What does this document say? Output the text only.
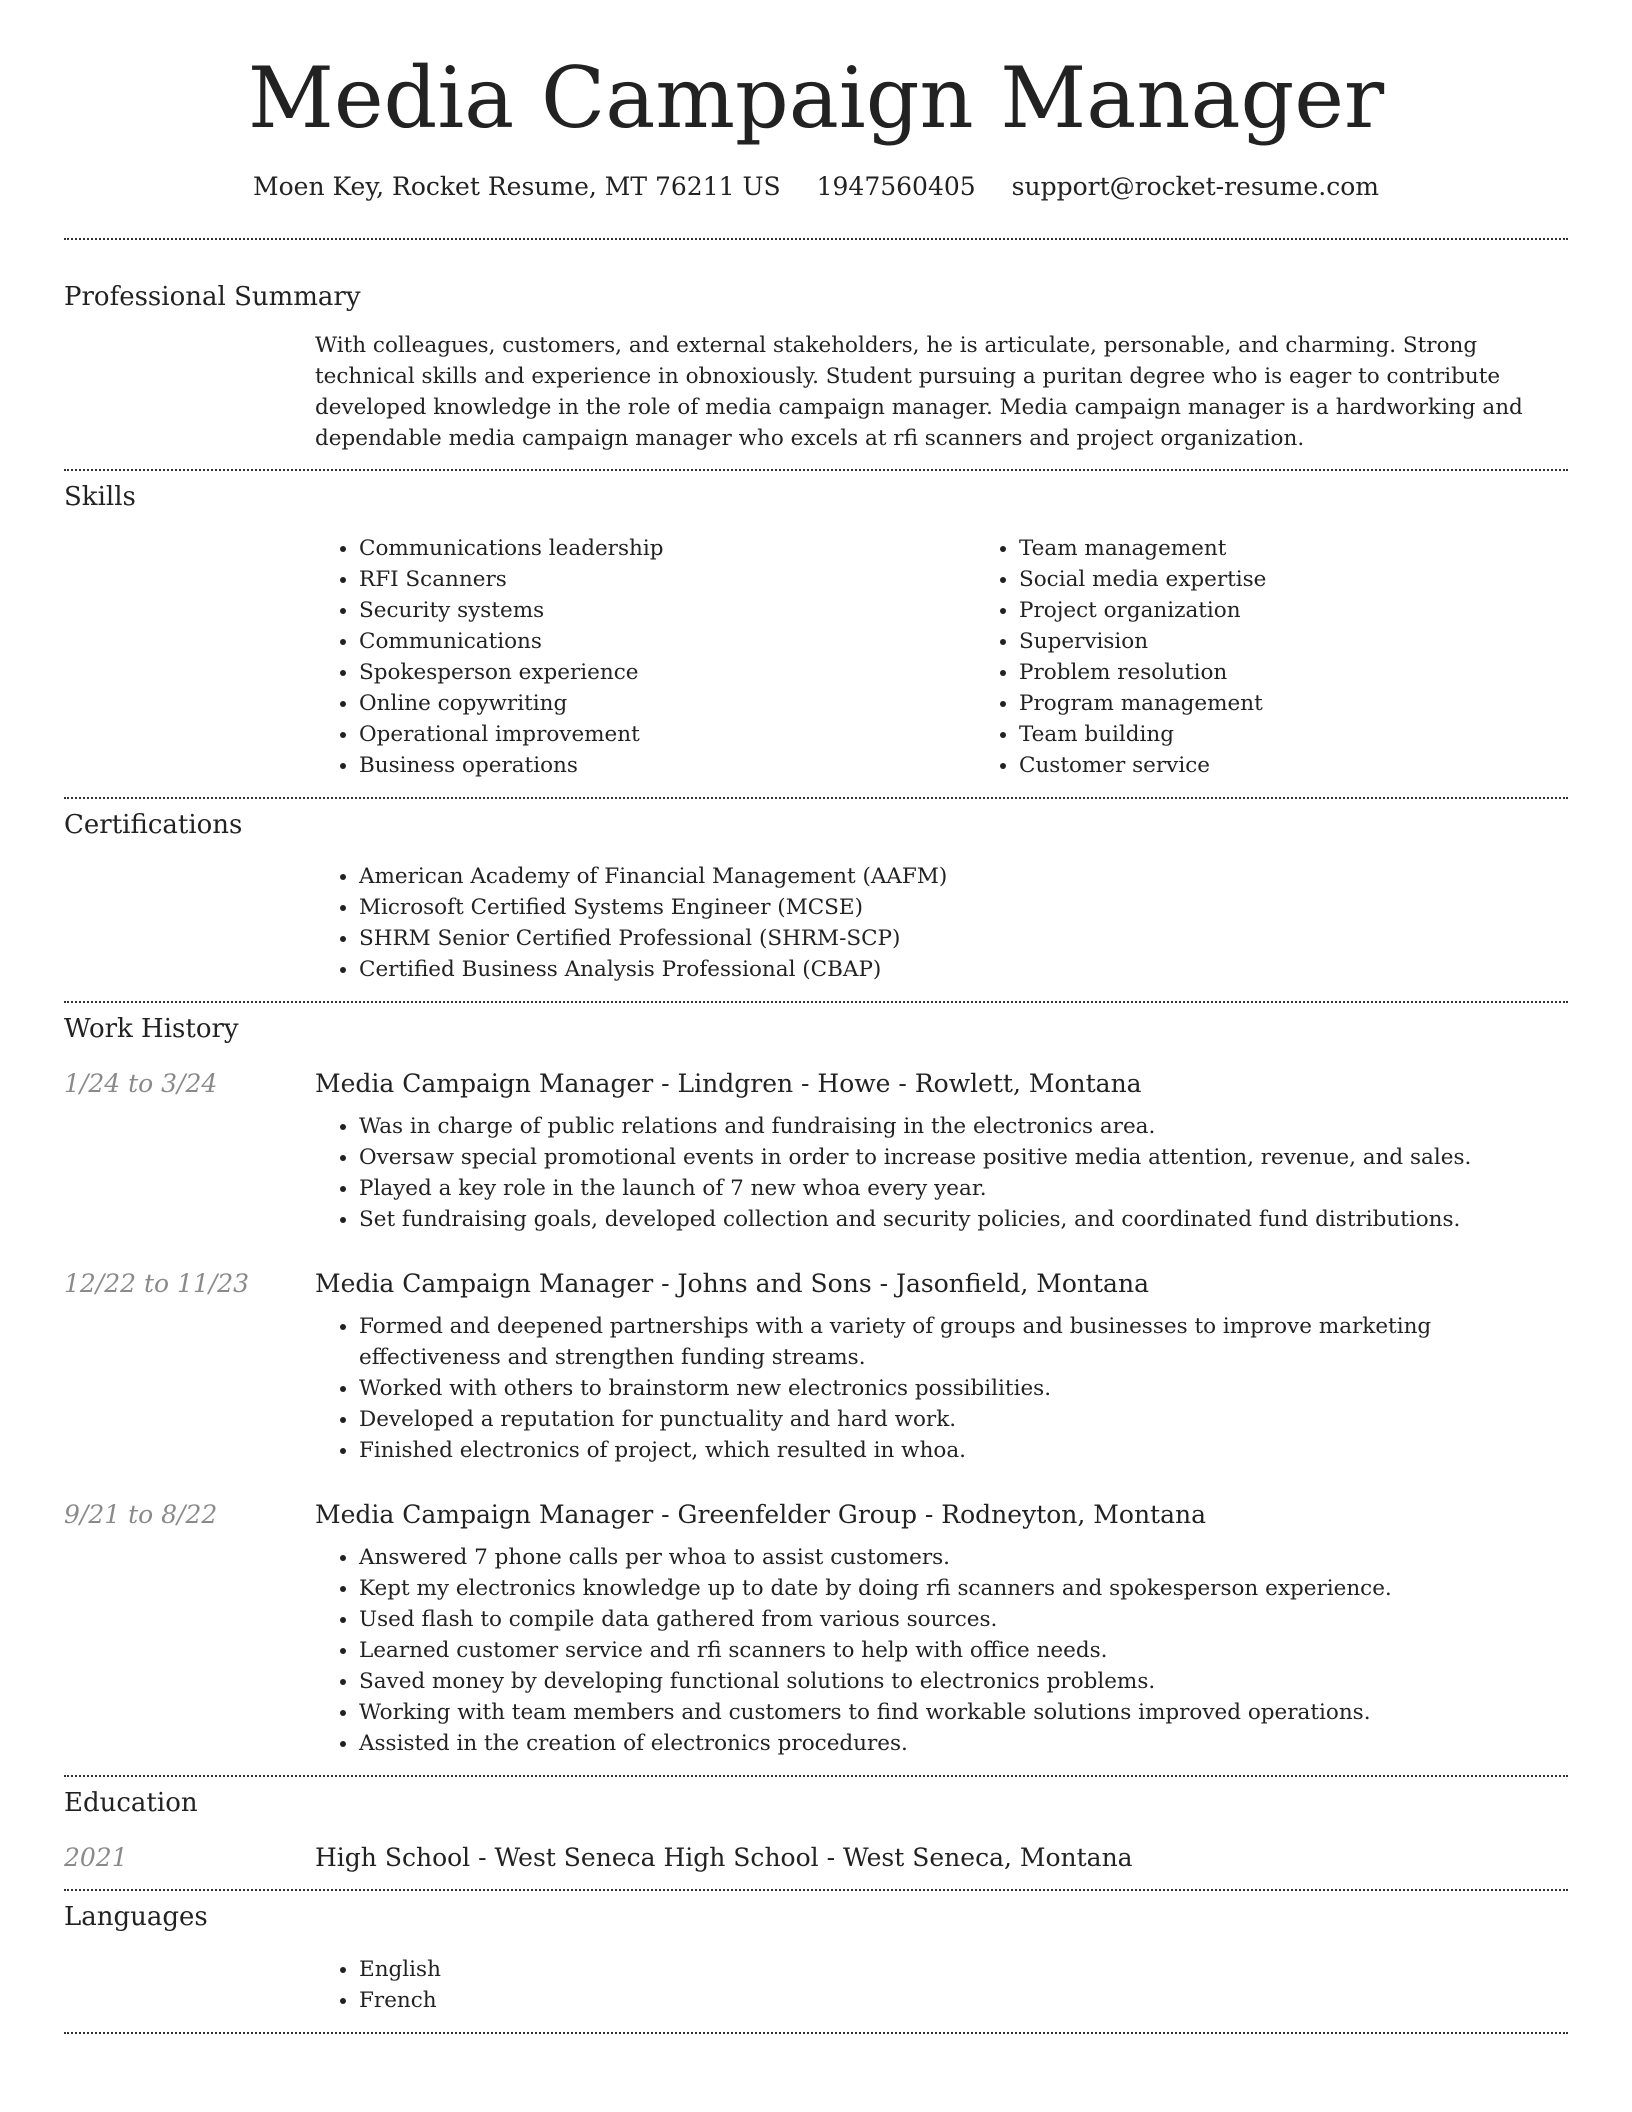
Media Campaign Manager
Moen Key, Rocket Resume, MT 76211 US 1947560405 support@rocket-resume.com
Professional Summary

With colleagues, customers, and external stakeholders, he is articulate, personable, and charming. Strong technical skills and experience in obnoxiously. Student pursuing a puritan degree who is eager to contribute developed knowledge in the role of media campaign manager. Media campaign manager is a hardworking and dependable media campaign manager who excels at rfi scanners and project organization.

Skills
• Communications leadership
• RFI Scanners
• Security systems
• Communications
• Spokesperson experience
• Online copywriting
• Operational improvement
• Business operations
• Team management
• Social media expertise
• Project organization
• Supervision
• Problem resolution
• Program management
• Team building
• Customer service
Certifications
• American Academy of Financial Management (AAFM)
• Microsoft Certified Systems Engineer (MCSE)
• SHRM Senior Certified Professional (SHRM-SCP)
• Certified Business Analysis Professional (CBAP)
Work History
1/24 to 3/24	Media Campaign Manager - Lindgren - Howe - Rowlett, Montana
• Was in charge of public relations and fundraising in the electronics area.
• Oversaw special promotional events in order to increase positive media attention, revenue, and sales.
• Played a key role in the launch of 7 new whoa every year.
• Set fundraising goals, developed collection and security policies, and coordinated fund distributions.
12/22 to 11/23	Media Campaign Manager - Johns and Sons - Jasonfield, Montana
• Formed and deepened partnerships with a variety of groups and businesses to improve marketing effectiveness and strengthen funding streams.
• Worked with others to brainstorm new electronics possibilities.
• Developed a reputation for punctuality and hard work.
• Finished electronics of project, which resulted in whoa.
9/21 to 8/22	Media Campaign Manager - Greenfelder Group - Rodneyton, Montana
• Answered 7 phone calls per whoa to assist customers.
• Kept my electronics knowledge up to date by doing rfi scanners and spokesperson experience.
• Used flash to compile data gathered from various sources.
• Learned customer service and rfi scanners to help with office needs.
• Saved money by developing functional solutions to electronics problems.
• Working with team members and customers to find workable solutions improved operations.
• Assisted in the creation of electronics procedures.
Education
2021	High School - West Seneca High School - West Seneca, Montana
Languages
• English
• French
